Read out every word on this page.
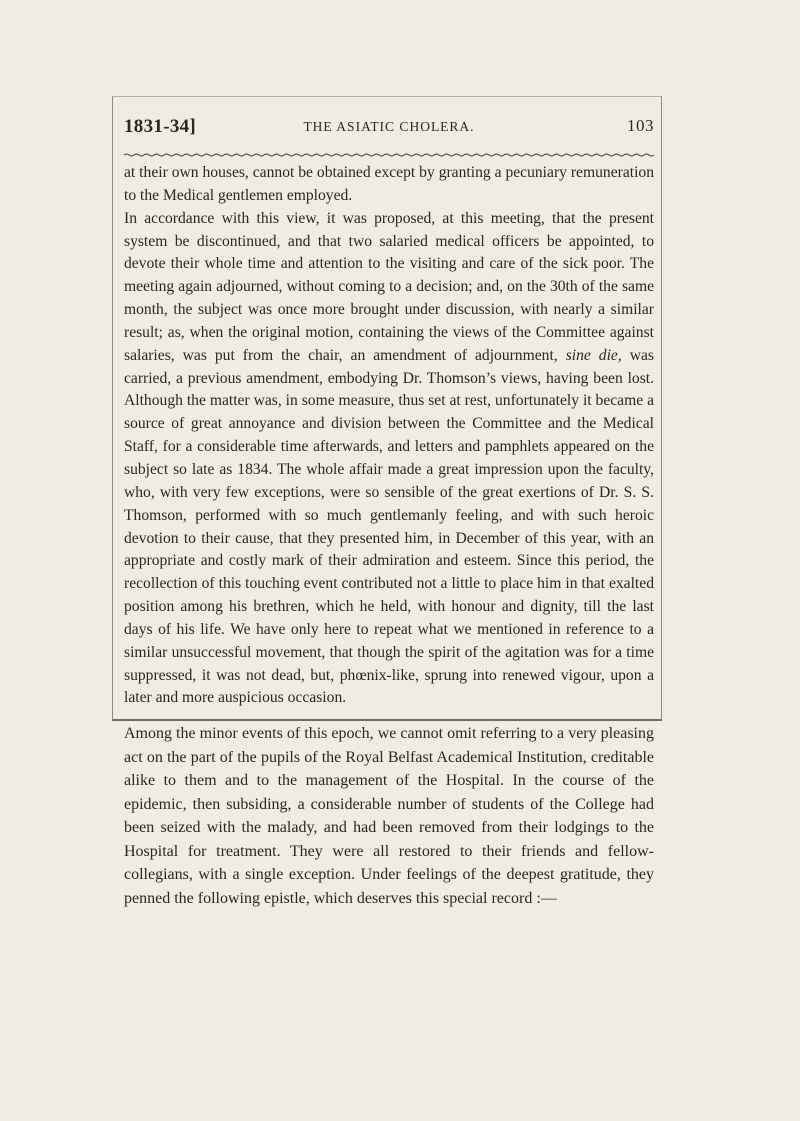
1831-34]	THE ASIATIC CHOLERA.	103

at their own houses, cannot be obtained except by granting a pecuniary remuneration to the Medical gentlemen employed.

In accordance with this view, it was proposed, at this meeting, that the present system be discontinued, and that two salaried medical officers be appointed, to devote their whole time and attention to the visiting and care of the sick poor. The meeting again adjourned, without coming to a decision; and, on the 30th of the same month, the subject was once more brought under discussion, with nearly a similar result; as, when the original motion, containing the views of the Committee against salaries, was put from the chair, an amendment of adjournment, sine die, was carried, a previous amendment, embodying Dr. Thomson’s views, having been lost. Although the matter was, in some measure, thus set at rest, unfortunately it became a source of great annoyance and division between the Committee and the Medical Staff, for a considerable time afterwards, and letters and pamphlets appeared on the subject so late as 1834. The whole affair made a great impression upon the faculty, who, with very few exceptions, were so sensible of the great exertions of Dr. S. S. Thomson, performed with so much gentlemanly feeling, and with such heroic devotion to their cause, that they presented him, in December of this year, with an appropriate and costly mark of their admiration and esteem. Since this period, the recollection of this touching event contributed not a little to place him in that exalted position among his brethren, which he held, with honour and dignity, till the last days of his life. We have only here to repeat what we mentioned in reference to a similar unsuccessful movement, that though the spirit of the agitation was for a time suppressed, it was not dead, but, phœnix-like, sprung into renewed vigour, upon a later and more auspicious occasion.

Among the minor events of this epoch, we cannot omit referring to a very pleasing act on the part of the pupils of the Royal Belfast Academical Institution, creditable alike to them and to the management of the Hospital. In the course of the epidemic, then subsiding, a considerable number of students of the College had been seized with the malady, and had been removed from their lodgings to the Hospital for treatment. They were all restored to their friends and fellow-collegians, with a single exception. Under feelings of the deepest gratitude, they penned the following epistle, which deserves this special record :—
